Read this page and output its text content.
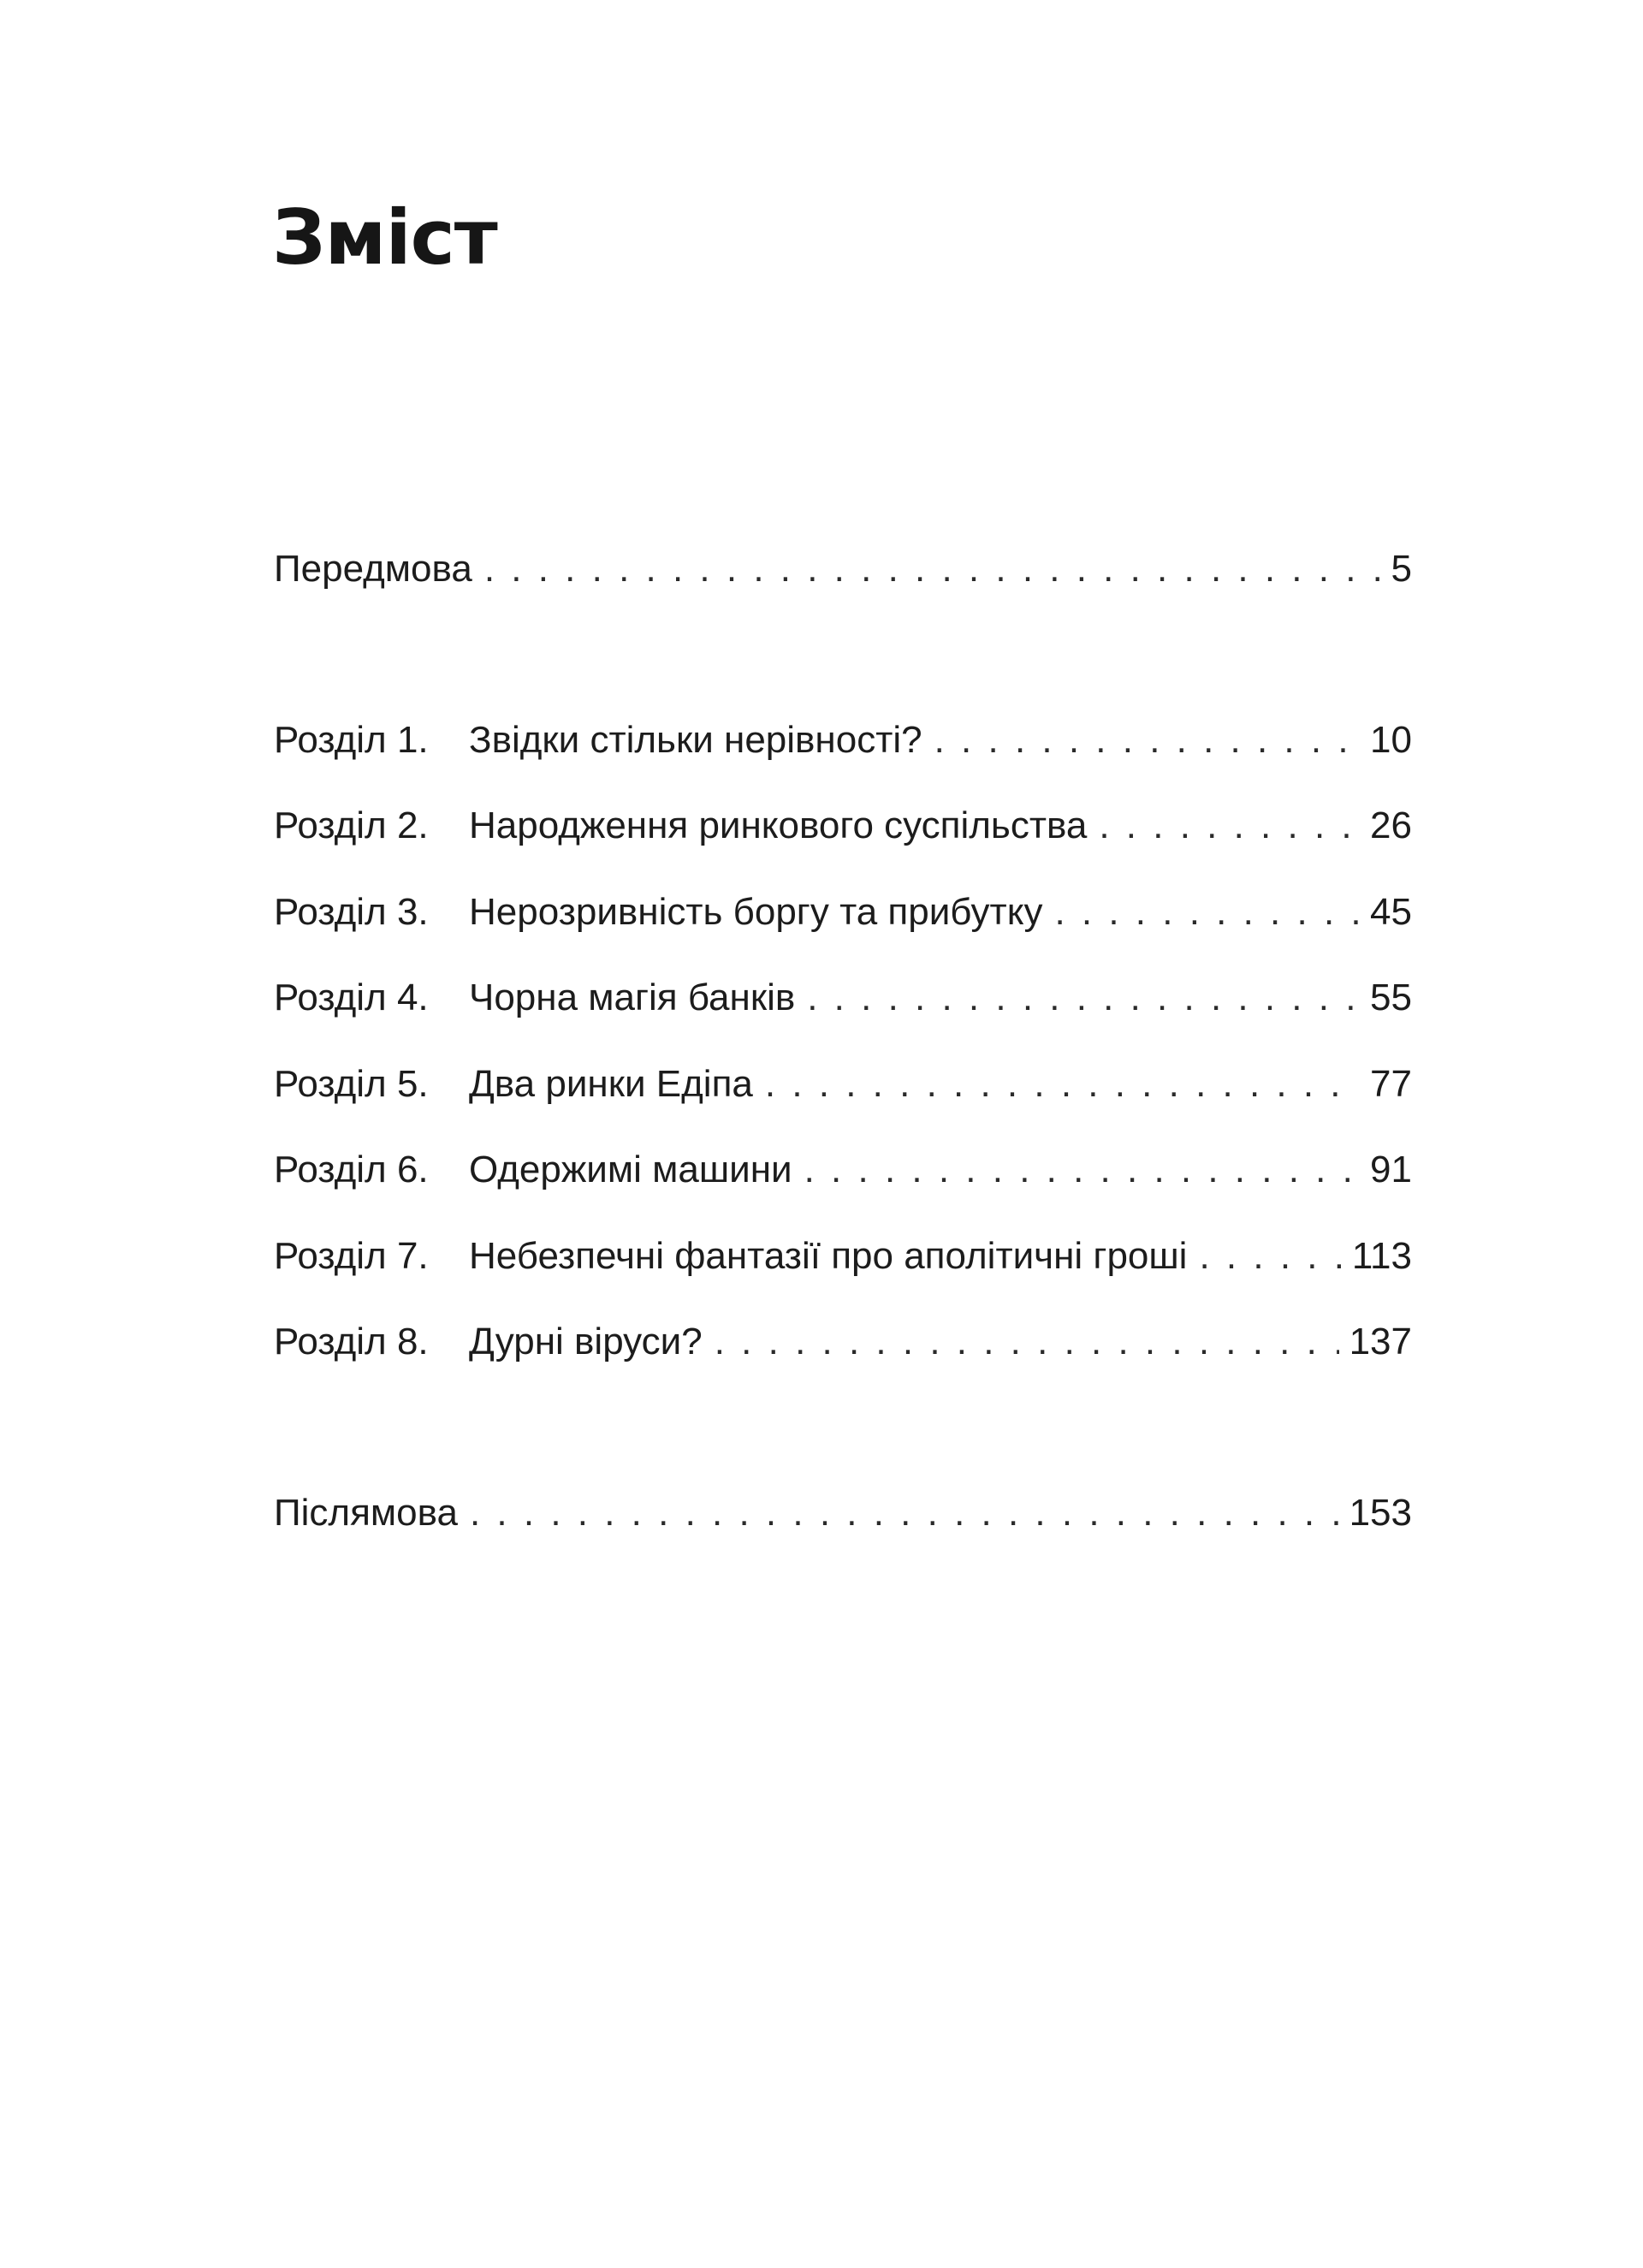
Зміст
Передмова . . .	5
Розділ 1.	Звідки стільки нерівності? . . .	10
Розділ 2.	Народження ринкового суспільства . . .	26
Розділ 3.	Нерозривність боргу та прибутку . . .	45
Розділ 4.	Чорна магія банків . . .	55
Розділ 5.	Два ринки Едіпа . . .	77
Розділ 6.	Одержимі машини . . .	91
Розділ 7.	Небезпечні фантазії про аполітичні гроші . . .	113
Розділ 8.	Дурні віруси? . . .	137
Післямова . . .	153
